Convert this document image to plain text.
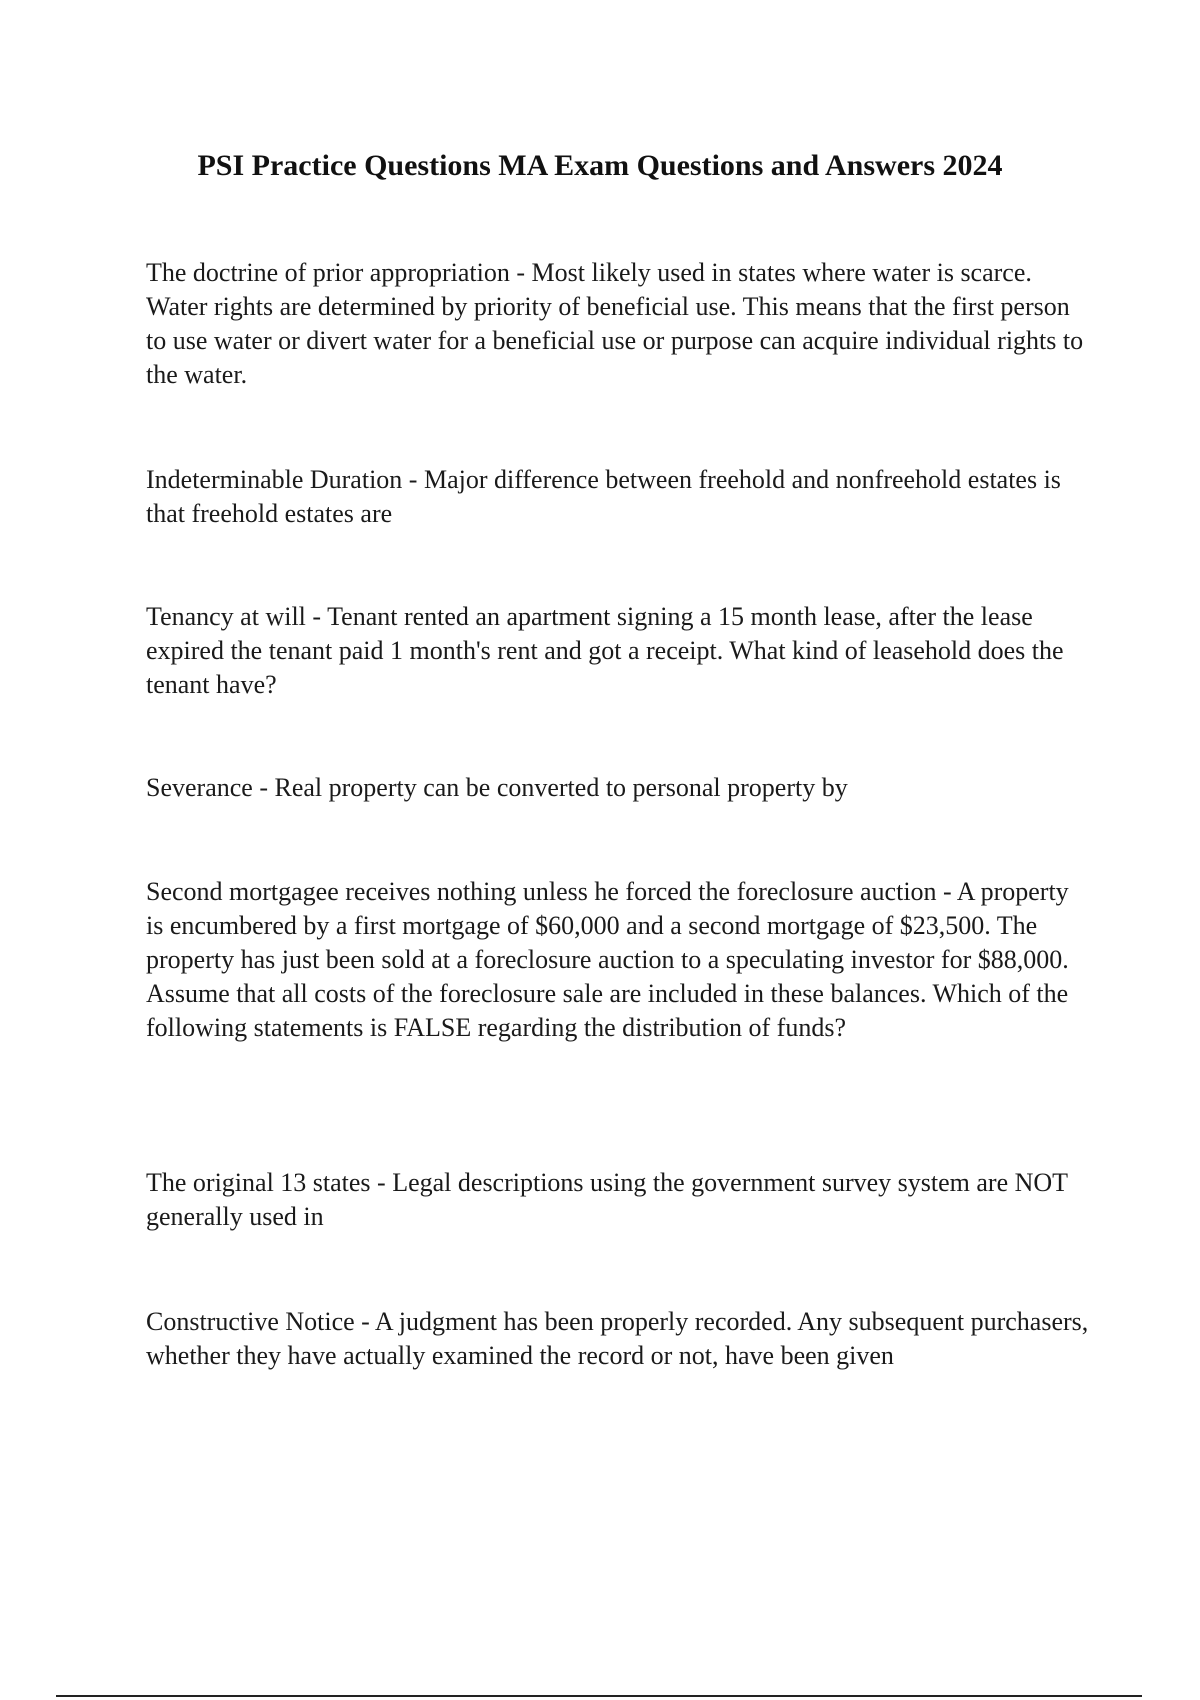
PSI Practice Questions MA Exam Questions and Answers 2024

The doctrine of prior appropriation - Most likely used in states where water is scarce. Water rights are determined by priority of beneficial use. This means that the first person to use water or divert water for a beneficial use or purpose can acquire individual rights to the water.

Indeterminable Duration - Major difference between freehold and nonfreehold estates is that freehold estates are

Tenancy at will - Tenant rented an apartment signing a 15 month lease, after the lease expired the tenant paid 1 month's rent and got a receipt. What kind of leasehold does the tenant have?

Severance - Real property can be converted to personal property by

Second mortgagee receives nothing unless he forced the foreclosure auction - A property is encumbered by a first mortgage of $60,000 and a second mortgage of $23,500. The property has just been sold at a foreclosure auction to a speculating investor for $88,000. Assume that all costs of the foreclosure sale are included in these balances. Which of the following statements is FALSE regarding the distribution of funds?

The original 13 states - Legal descriptions using the government survey system are NOT generally used in

Constructive Notice - A judgment has been properly recorded. Any subsequent purchasers, whether they have actually examined the record or not, have been given
